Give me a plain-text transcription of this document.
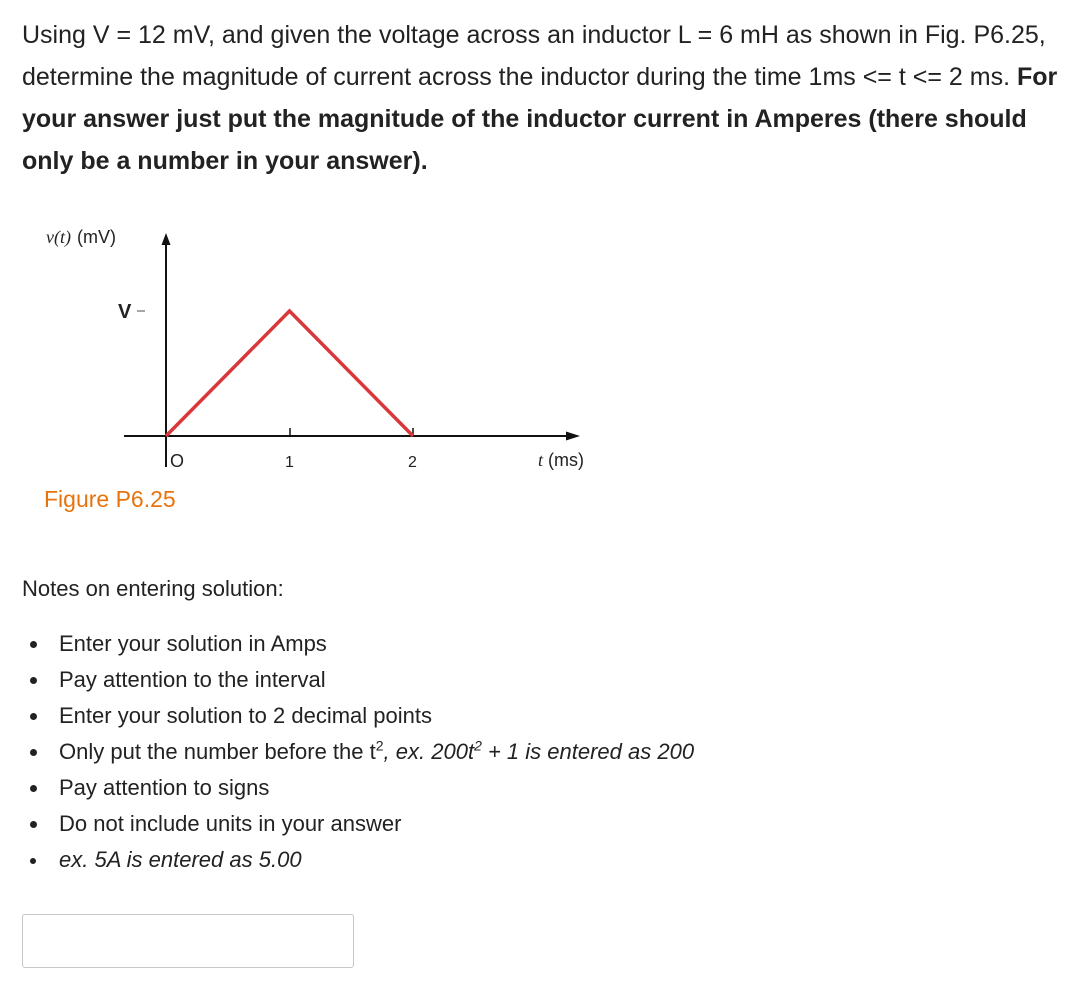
Using V = 12 mV, and given the voltage across an inductor L = 6 mH as shown in Fig. P6.25, determine the magnitude of current across the inductor during the time 1ms <= t <= 2 ms. For your answer just put the magnitude of the inductor current in Amperes (there should only be a number in your answer).
v(t) (mV)
V
O	1	2	t (ms)
Figure P6.25
Notes on entering solution:
Enter your solution in Amps
Pay attention to the interval
Enter your solution to 2 decimal points
Only put the number before the $t^2$, ex. $200t^2 + 1$ is entered as 200
Pay attention to signs
Do not include units in your answer
ex. 5A is entered as 5.00
